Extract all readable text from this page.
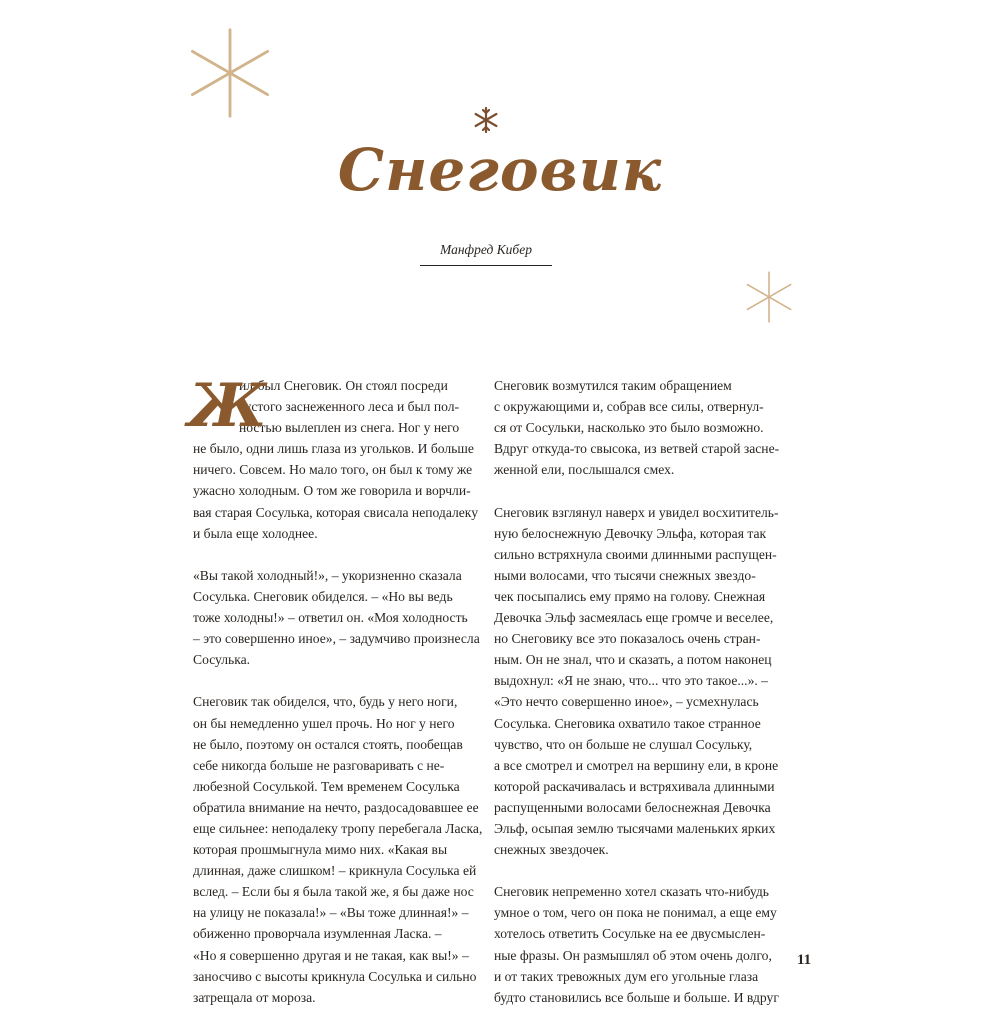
Снеговик
Манфред Кибер

Ж
ил-был Снеговик. Он стоял посреди
густого заснеженного леса и был пол-
ностью вылеплен из снега. Ног у него
не было, одни лишь глаза из угольков. И больше
ничего. Совсем. Но мало того, он был к тому же
ужасно холодным. О том же говорила и ворчли-
вая старая Сосулька, которая свисала неподалеку
и была еще холоднее.

«Вы такой холодный!», – укоризненно сказала
Сосулька. Снеговик обиделся. – «Но вы ведь
тоже холодны!» – ответил он. «Моя холодность
– это совершенно иное», – задумчиво произнесла
Сосулька.

Снеговик так обиделся, что, будь у него ноги,
он бы немедленно ушел прочь. Но ног у него
не было, поэтому он остался стоять, пообещав
себе никогда больше не разговаривать с не-
любезной Сосулькой. Тем временем Сосулька
обратила внимание на нечто, раздосадовавшее ее
еще сильнее: неподалеку тропу перебегала Ласка,
которая прошмыгнула мимо них. «Какая вы
длинная, даже слишком! – крикнула Сосулька ей
вслед. – Если бы я была такой же, я бы даже нос
на улицу не показала!» – «Вы тоже длинная!» –
обиженно проворчала изумленная Ласка. –
«Но я совершенно другая и не такая, как вы!» –
заносчиво с высоты крикнула Сосулька и сильно
затрещала от мороза.

Снеговик возмутился таким обращением
с окружающими и, собрав все силы, отвернул-
ся от Сосульки, насколько это было возможно.
Вдруг откуда-то свысока, из ветвей старой засне-
женной ели, послышался смех.

Снеговик взглянул наверх и увидел восхититель-
ную белоснежную Девочку Эльфа, которая так
сильно встряхнула своими длинными распущен-
ными волосами, что тысячи снежных звездо-
чек посыпались ему прямо на голову. Снежная
Девочка Эльф засмеялась еще громче и веселее,
но Снеговику все это показалось очень стран-
ным. Он не знал, что и сказать, а потом наконец
выдохнул: «Я не знаю, что... что это такое...». –
«Это нечто совершенно иное», – усмехнулась
Сосулька. Снеговика охватило такое странное
чувство, что он больше не слушал Сосульку,
а все смотрел и смотрел на вершину ели, в кроне
которой раскачивалась и встряхивала длинными
распущенными волосами белоснежная Девочка
Эльф, осыпая землю тысячами маленьких ярких
снежных звездочек.

Снеговик непременно хотел сказать что-нибудь
умное о том, чего он пока не понимал, а еще ему
хотелось ответить Сосульке на ее двусмыслен-
ные фразы. Он размышлял об этом очень долго,
и от таких тревожных дум его угольные глаза
будто становились все больше и больше. И вдруг

11
